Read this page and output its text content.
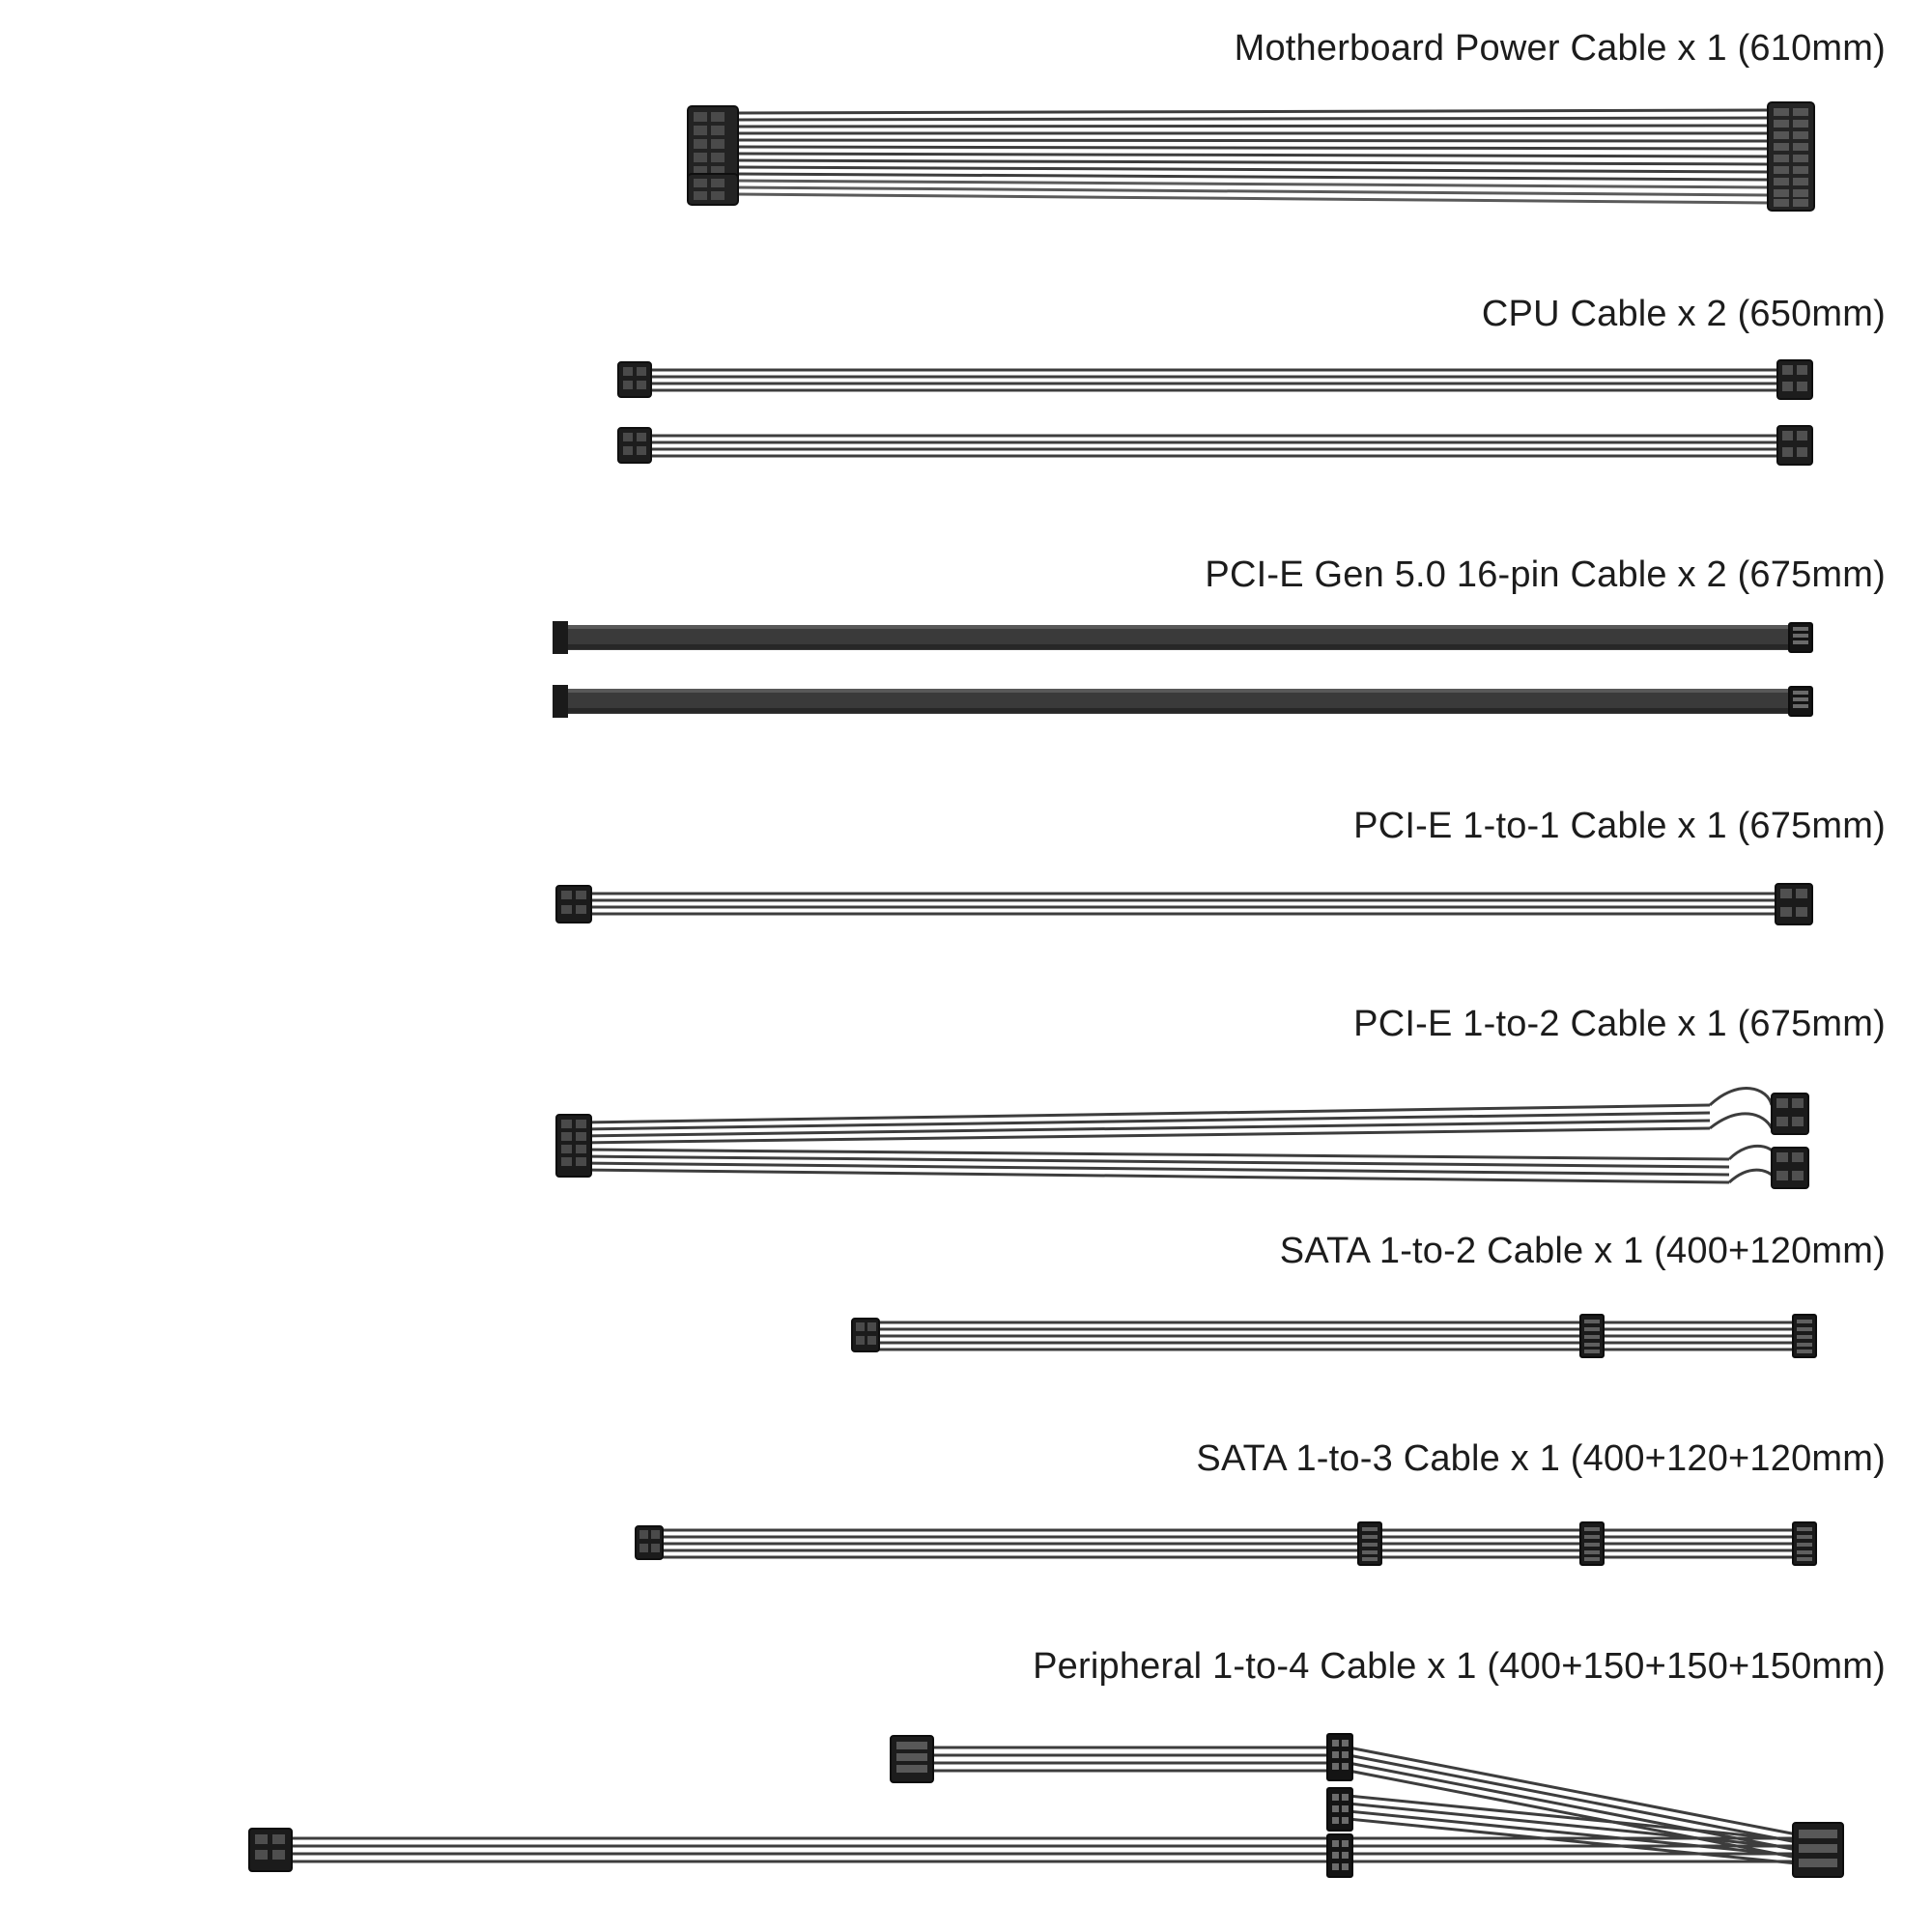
Motherboard Power Cable x 1 (610mm)
CPU Cable x 2 (650mm)
PCI-E Gen 5.0 16-pin Cable x 2 (675mm)
PCI-E 1-to-1 Cable x 1 (675mm)
PCI-E 1-to-2 Cable x 1 (675mm)
SATA 1-to-2 Cable x 1 (400+120mm)
SATA 1-to-3 Cable x 1 (400+120+120mm)
Peripheral 1-to-4 Cable x 1 (400+150+150+150mm)
